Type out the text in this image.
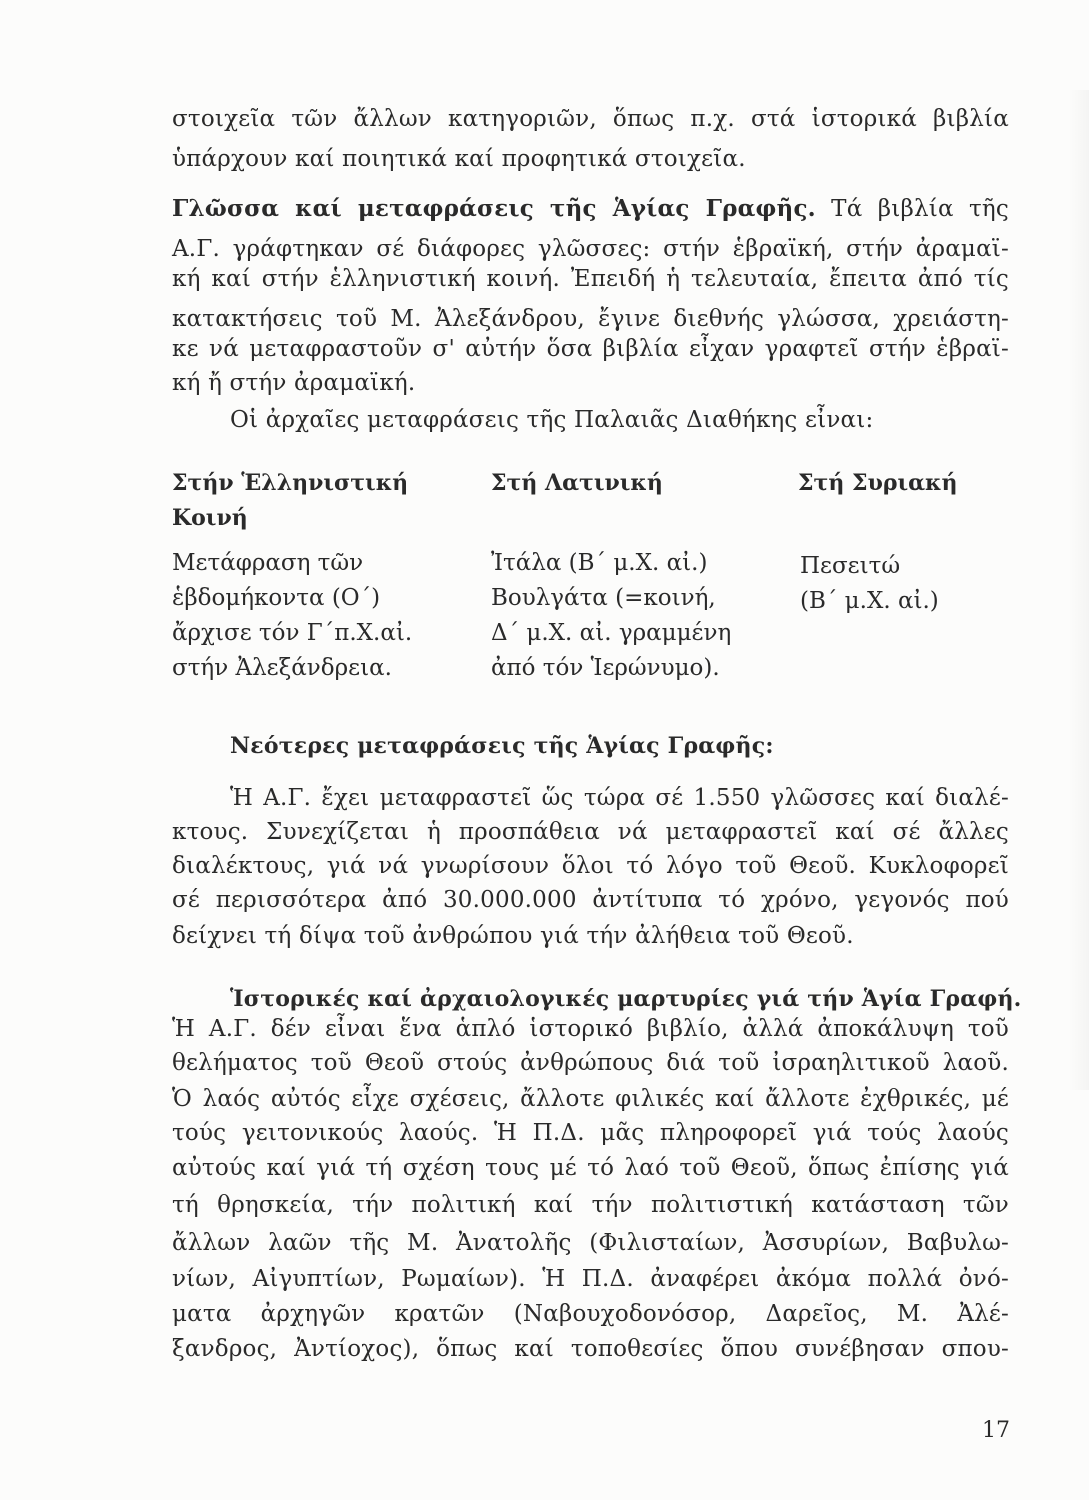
στοιχεῖα τῶν ἄλλων κατηγοριῶν, ὅπως π.χ. στά ἱστορικά βιβλία
ὑπάρχουν καί ποιητικά καί προφητικά στοιχεῖα.
Γλῶσσα καί μεταφράσεις τῆς Ἁγίας Γραφῆς. Τά βιβλία τῆς
Α.Γ. γράφτηκαν σέ διάφορες γλῶσσες: στήν ἑβραϊκή, στήν ἀραμαϊ-
κή καί στήν ἑλληνιστική κοινή. Ἐπειδή ἡ τελευταία, ἔπειτα ἀπό τίς
κατακτήσεις τοῦ Μ. Ἀλεξάνδρου, ἔγινε διεθνής γλώσσα, χρειάστη-
κε νά μεταφραστοῦν σ' αὐτήν ὅσα βιβλία εἶχαν γραφτεῖ στήν ἑβραϊ-
κή ἤ στήν ἀραμαϊκή.
Οἱ ἀρχαῖες μεταφράσεις τῆς Παλαιᾶς Διαθήκης εἶναι:
Στήν Ἑλληνιστική
Κοινή
Στή Λατινική	Στή Συριακή
Μετάφραση τῶν
ἑβδομήκοντα (Ο΄)
ἄρχισε τόν Γ΄π.Χ.αἰ.
στήν Ἀλεξάνδρεια.
Ἰτάλα (Β΄ μ.Χ. αἰ.)
Βουλγάτα (=κοινή,
Δ΄ μ.Χ. αἰ. γραμμένη
ἀπό τόν Ἱερώνυμο).
Πεσειτώ
(Β΄ μ.Χ. αἰ.)
Νεότερες μεταφράσεις τῆς Ἁγίας Γραφῆς:
Ἡ Α.Γ. ἔχει μεταφραστεῖ ὥς τώρα σέ 1.550 γλῶσσες καί διαλέ-
κτους. Συνεχίζεται ἡ προσπάθεια νά μεταφραστεῖ καί σέ ἄλλες
διαλέκτους, γιά νά γνωρίσουν ὅλοι τό λόγο τοῦ Θεοῦ. Κυκλοφορεῖ
σέ περισσότερα ἀπό 30.000.000 ἀντίτυπα τό χρόνο, γεγονός πού
δείχνει τή δίψα τοῦ ἀνθρώπου γιά τήν ἀλήθεια τοῦ Θεοῦ.
Ἱστορικές καί ἀρχαιολογικές μαρτυρίες γιά τήν Ἁγία Γραφή.
Ἡ Α.Γ. δέν εἶναι ἕνα ἁπλό ἱστορικό βιβλίο, ἀλλά ἀποκάλυψη τοῦ
θελήματος τοῦ Θεοῦ στούς ἀνθρώπους διά τοῦ ἰσραηλιτικοῦ λαοῦ.
Ὁ λαός αὐτός εἶχε σχέσεις, ἄλλοτε φιλικές καί ἄλλοτε ἐχθρικές, μέ
τούς γειτονικούς λαούς. Ἡ Π.Δ. μᾶς πληροφορεῖ γιά τούς λαούς
αὐτούς καί γιά τή σχέση τους μέ τό λαό τοῦ Θεοῦ, ὅπως ἐπίσης γιά
τή θρησκεία, τήν πολιτική καί τήν πολιτιστική κατάσταση τῶν
ἄλλων λαῶν τῆς Μ. Ἀνατολῆς (Φιλισταίων, Ἀσσυρίων, Βαβυλω-
νίων, Αἰγυπτίων, Ρωμαίων). Ἡ Π.Δ. ἀναφέρει ἀκόμα πολλά ὀνό-
ματα ἀρχηγῶν κρατῶν (Ναβουχοδονόσορ, Δαρεῖος, Μ. Ἀλέ-
ξανδρος, Ἀντίοχος), ὅπως καί τοποθεσίες ὅπου συνέβησαν σπου-
17
